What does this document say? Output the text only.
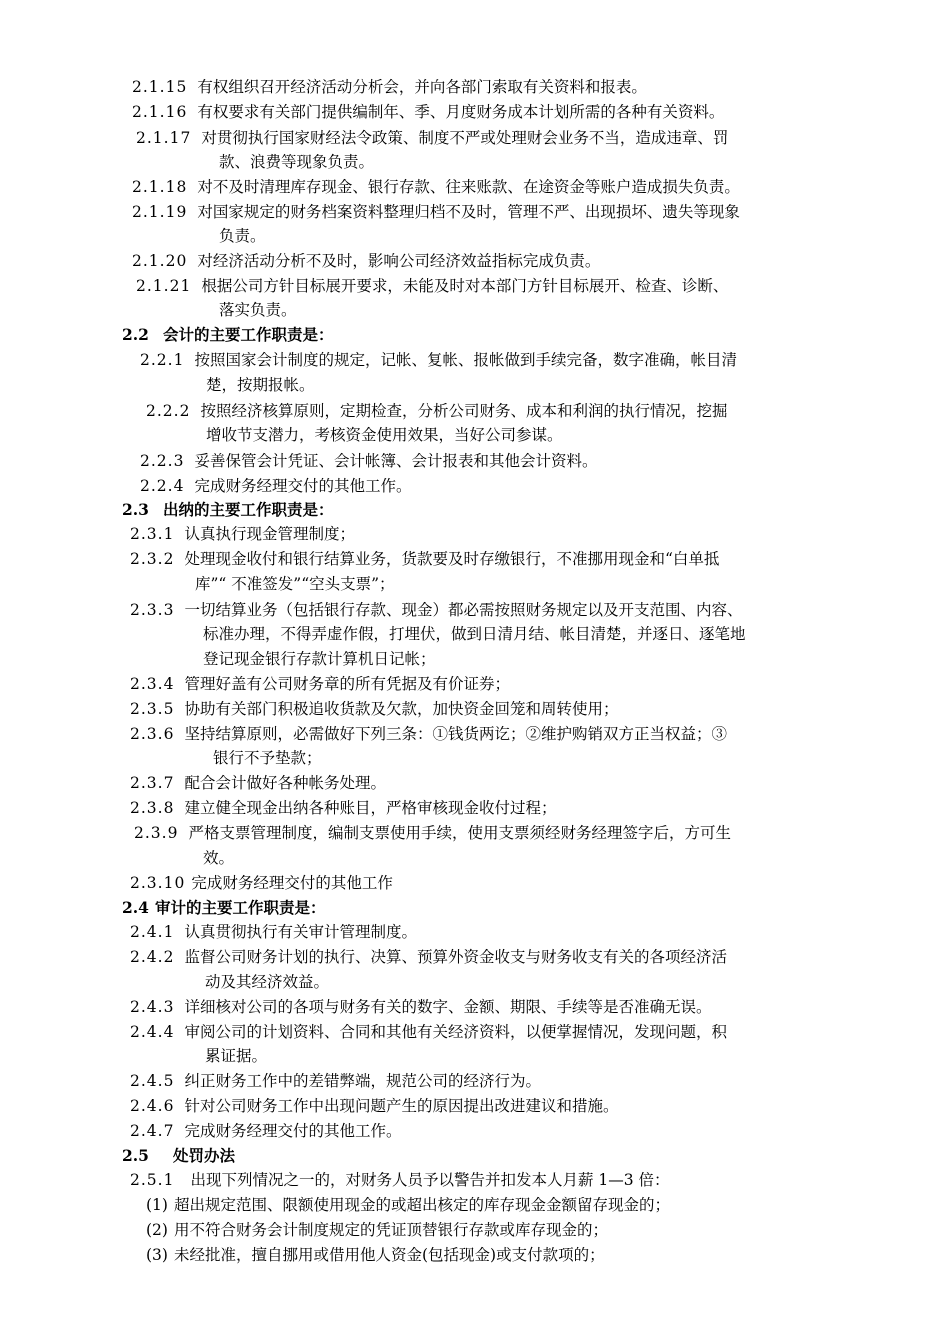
2.1.15 有权组织召开经济活动分析会，并向各部门索取有关资料和报表。
2.1.16 有权要求有关部门提供编制年、季、月度财务成本计划所需的各种有关资料。
2.1.17 对贯彻执行国家财经法令政策、制度不严或处理财会业务不当，造成违章、罚
款、浪费等现象负责。
2.1.18 对不及时清理库存现金、银行存款、往来账款、在途资金等账户造成损失负责。
2.1.19 对国家规定的财务档案资料整理归档不及时，管理不严、出现损坏、遗失等现象
负责。
2.1.20 对经济活动分析不及时，影响公司经济效益指标完成负责。
2.1.21 根据公司方针目标展开要求，未能及时对本部门方针目标展开、检查、诊断、
落实负责。
2.2 会计的主要工作职责是：
2.2.1 按照国家会计制度的规定，记帐、复帐、报帐做到手续完备，数字准确，帐目清
楚，按期报帐。
2.2.2 按照经济核算原则，定期检查，分析公司财务、成本和利润的执行情况，挖掘
增收节支潜力，考核资金使用效果，当好公司参谋。
2.2.3 妥善保管会计凭证、会计帐簿、会计报表和其他会计资料。
2.2.4 完成财务经理交付的其他工作。
2.3 出纳的主要工作职责是：
2.3.1 认真执行现金管理制度；
2.3.2 处理现金收付和银行结算业务，货款要及时存缴银行，不准挪用现金和“白单抵
库”“ 不准签发”“空头支票”；
2.3.3 一切结算业务（包括银行存款、现金）都必需按照财务规定以及开支范围、内容、
标准办理，不得弄虚作假，打埋伏，做到日清月结、帐目清楚，并逐日、逐笔地
登记现金银行存款计算机日记帐；
2.3.4 管理好盖有公司财务章的所有凭据及有价证券；
2.3.5 协助有关部门积极追收货款及欠款，加快资金回笼和周转使用；
2.3.6 坚持结算原则，必需做好下列三条：①钱货两讫；②维护购销双方正当权益；③
银行不予垫款；
2.3.7 配合会计做好各种帐务处理。
2.3.8 建立健全现金出纳各种账目，严格审核现金收付过程；
2.3.9 严格支票管理制度，编制支票使用手续，使用支票须经财务经理签字后，方可生
效。
2.3.10 完成财务经理交付的其他工作
2.4 审计的主要工作职责是：
2.4.1 认真贯彻执行有关审计管理制度。
2.4.2 监督公司财务计划的执行、决算、预算外资金收支与财务收支有关的各项经济活
动及其经济效益。
2.4.3 详细核对公司的各项与财务有关的数字、金额、期限、手续等是否准确无误。
2.4.4 审阅公司的计划资料、合同和其他有关经济资料，以便掌握情况，发现问题，积
累证据。
2.4.5 纠正财务工作中的差错弊端，规范公司的经济行为。
2.4.6 针对公司财务工作中出现问题产生的原因提出改进建议和措施。
2.4.7 完成财务经理交付的其他工作。
2.5 处罚办法
2.5.1 出现下列情况之一的，对财务人员予以警告并扣发本人月薪 1—3 倍：
(1) 超出规定范围、限额使用现金的或超出核定的库存现金金额留存现金的；
(2) 用不符合财务会计制度规定的凭证顶替银行存款或库存现金的；
(3) 未经批准，擅自挪用或借用他人资金(包括现金)或支付款项的；
